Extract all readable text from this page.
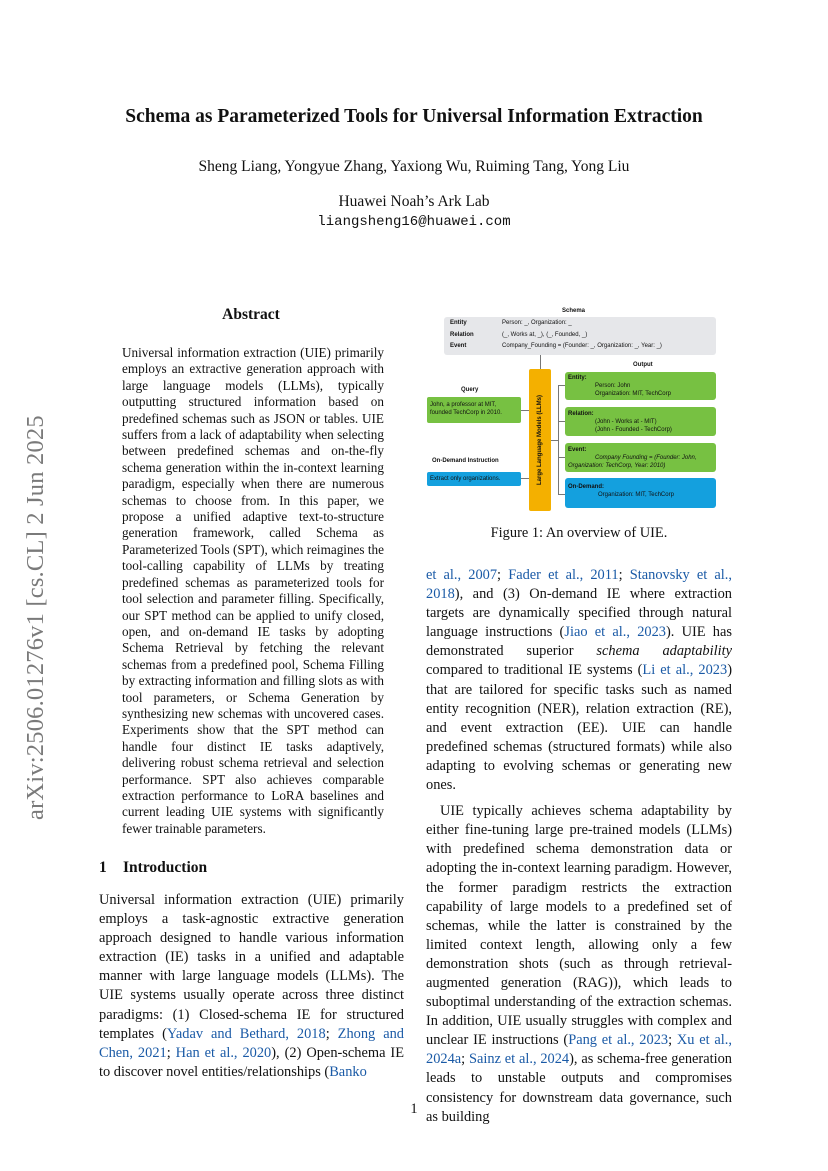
arXiv:2506.01276v1 [cs.CL] 2 Jun 2025
Schema as Parameterized Tools for Universal Information Extraction
Sheng Liang, Yongyue Zhang, Yaxiong Wu, Ruiming Tang, Yong Liu
Huawei Noah’s Ark Lab
liangsheng16@huawei.com
Abstract
Universal information extraction (UIE) primarily employs an extractive generation approach with large language models (LLMs), typically outputting structured information based on predefined schemas such as JSON or tables. UIE suffers from a lack of adaptability when selecting between predefined schemas and on-the-fly schema generation within the in-context learning paradigm, especially when there are numerous schemas to choose from. In this paper, we propose a unified adaptive text-to-structure generation framework, called Schema as Parameterized Tools (SPT), which reimagines the tool-calling capability of LLMs by treating predefined schemas as parameterized tools for tool selection and parameter filling. Specifically, our SPT method can be applied to unify closed, open, and on-demand IE tasks by adopting Schema Retrieval by fetching the relevant schemas from a predefined pool, Schema Filling by extracting information and filling slots as with tool parameters, or Schema Generation by synthesizing new schemas with uncovered cases. Experiments show that the SPT method can handle four distinct IE tasks adaptively, delivering robust schema retrieval and selection performance. SPT also achieves comparable extraction performance to LoRA baselines and current leading UIE systems with significantly fewer trainable parameters.
1 Introduction
Universal information extraction (UIE) primarily employs a task-agnostic extractive generation approach designed to handle various information extraction (IE) tasks in a unified and adaptable manner with large language models (LLMs). The UIE systems usually operate across three distinct paradigms: (1) Closed-schema IE for structured templates (Yadav and Bethard, 2018; Zhong and Chen, 2021; Han et al., 2020), (2) Open-schema IE to discover novel entities/relationships (Banko
Schema
Entity	Person: _, Organization: _
Relation	(_, Works at, _), (_, Founded, _)
Event	Company_Founding = (Founder: _, Organization: _, Year: _)
Query
John, a professor at MIT, founded TechCorp in 2010.
On-Demand Instruction
Extract only organizations.	Large Language Models (LLMs)
Output
Entity:
Person: John
Organization: MIT, TechCorp
Relation:
(John - Works at - MIT)
(John - Founded - TechCorp)
Event:
Company Founding = (Founder: John,
Organization: TechCorp, Year: 2010)
On-Demand:
Organization: MIT, TechCorp
Figure 1: An overview of UIE.

et al., 2007; Fader et al., 2011; Stanovsky et al., 2018), and (3) On-demand IE where extraction targets are dynamically specified through natural language instructions (Jiao et al., 2023). UIE has demonstrated superior schema adaptability compared to traditional IE systems (Li et al., 2023) that are tailored for specific tasks such as named entity recognition (NER), relation extraction (RE), and event extraction (EE). UIE can handle predefined schemas (structured formats) while also adapting to evolving schemas or generating new ones.

UIE typically achieves schema adaptability by either fine-tuning large pre-trained models (LLMs) with predefined schema demonstration data or adopting the in-context learning paradigm. However, the former paradigm restricts the extraction capability of large models to a predefined set of schemas, while the latter is constrained by the limited context length, allowing only a few demonstration shots (such as through retrieval-augmented generation (RAG)), which leads to suboptimal understanding of the extraction schemas. In addition, UIE usually struggles with complex and unclear IE instructions (Pang et al., 2023; Xu et al., 2024a; Sainz et al., 2024), as schema-free generation leads to unstable outputs and compromises consistency for downstream data governance, such as building

1
